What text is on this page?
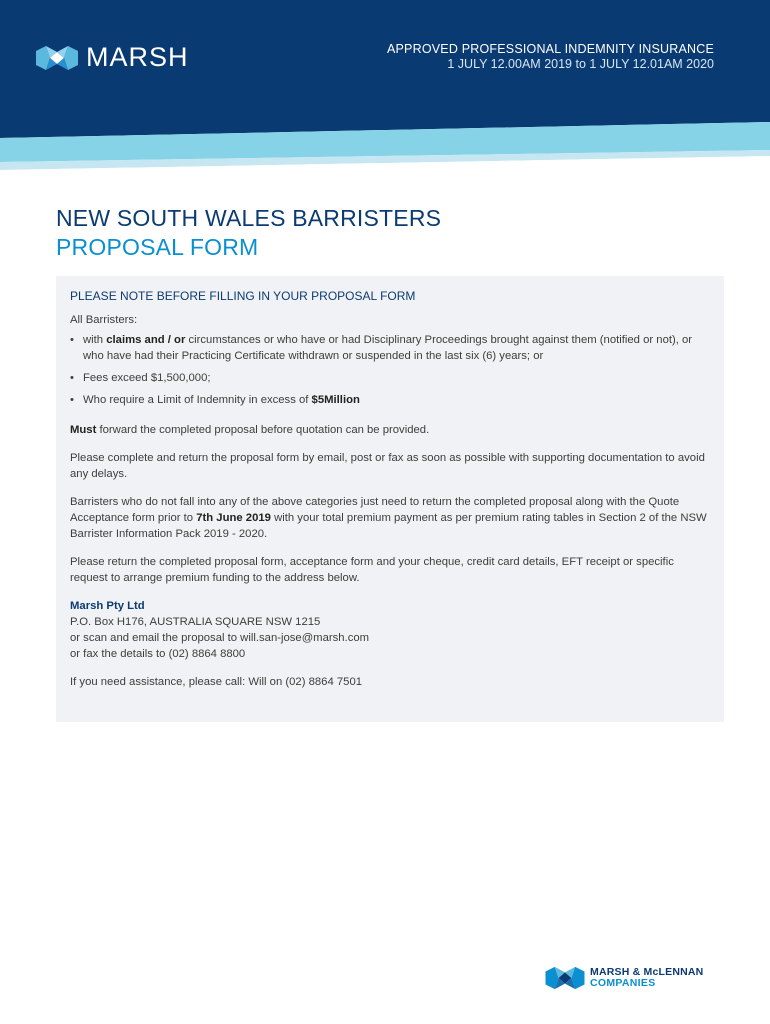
MARSH	APPROVED PROFESSIONAL INDEMNITY INSURANCE
1 JULY 12.00AM 2019 to 1 JULY 12.01AM 2020
NEW SOUTH WALES BARRISTERS
PROPOSAL FORM
PLEASE NOTE BEFORE FILLING IN YOUR PROPOSAL FORM
All Barristers:
• with claims and / or circumstances or who have or had Disciplinary Proceedings brought against them (notified or not), or who have had their Practicing Certificate withdrawn or suspended in the last six (6) years; or
• Fees exceed $1,500,000;
• Who require a Limit of Indemnity in excess of $5Million

Must forward the completed proposal before quotation can be provided.

Please complete and return the proposal form by email, post or fax as soon as possible with supporting documentation to avoid any delays.

Barristers who do not fall into any of the above categories just need to return the completed proposal along with the Quote Acceptance form prior to 7th June 2019 with your total premium payment as per premium rating tables in Section 2 of the NSW Barrister Information Pack 2019 - 2020.

Please return the completed proposal form, acceptance form and your cheque, credit card details, EFT receipt or specific request to arrange premium funding to the address below.

Marsh Pty Ltd
P.O. Box H176, AUSTRALIA SQUARE NSW 1215
or scan and email the proposal to will.san-jose@marsh.com
or fax the details to (02) 8864 8800
If you need assistance, please call: Will on (02) 8864 7501
MARSH & McLENNAN
COMPANIES
